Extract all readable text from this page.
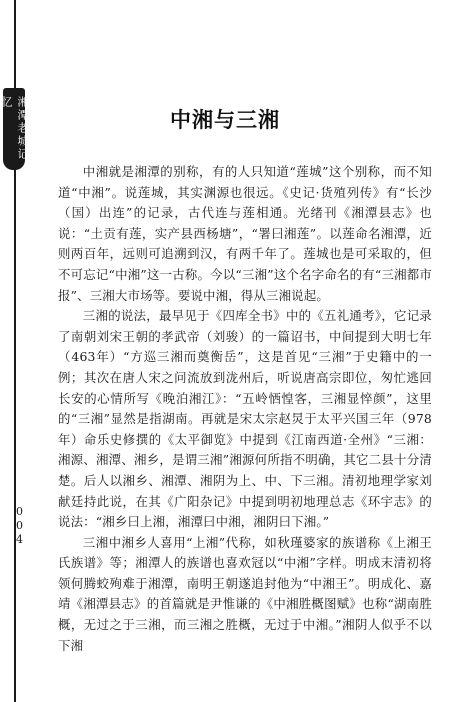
湘潭老城记忆
004
中湘与三湘

中湘就是湘潭的别称，有的人只知道“莲城”这个别称，而不知道“中湘”。说莲城，其实渊源也很远。《史记·货殖列传》有“长沙（国）出连”的记录，古代连与莲相通。光绪刊《湘潭县志》也说：“土贡有莲，实产县西杨塘”，“署曰湘莲”。以莲命名湘潭，近则两百年，远则可追溯到汉，有两千年了。莲城也是可采取的，但不可忘记“中湘”这一古称。今以“三湘”这个名字命名的有“三湘都市报”、三湘大市场等。要说中湘，得从三湘说起。

三湘的说法，最早见于《四库全书》中的《五礼通考》，它记录了南朝刘宋王朝的孝武帝（刘骏）的一篇诏书，中间提到大明七年（463年）“方巡三湘而奠衡岳”，这是首见“三湘”于史籍中的一例；其次在唐人宋之问流放到泷州后，听说唐高宗即位，匆忙逃回长安的心情所写《晚泊湘江》：“五岭恓惶客，三湘显悴颜”，这里的“三湘”显然是指湖南。再就是宋太宗赵炅于太平兴国三年（978年）命乐史修撰的《太平御览》中提到《江南西道·全州》“三湘：湘源、湘潭、湘乡，是谓三湘”湘源何所指不明确，其它二县十分清楚。后人以湘乡、湘潭、湘阴为上、中、下三湘。清初地理学家刘献廷持此说，在其《广阳杂记》中提到明初地理总志《环宇志》的说法：“湘乡曰上湘，湘潭曰中湘，湘阴曰下湘。”

三湘中湘乡人喜用“上湘”代称，如秋瑾婆家的族谱称《上湘王氏族谱》等；湘潭人的族谱也喜欢冠以“中湘”字样。明成末清初将领何腾蛟殉难于湘潭，南明王朝遂追封他为“中湘王”。明成化、嘉靖《湘潭县志》的首篇就是尹惟谦的《中湘胜概图赋》也称“湖南胜概，无过之于三湘，而三湘之胜概，无过于中湘。”湘阴人似乎不以下湘
